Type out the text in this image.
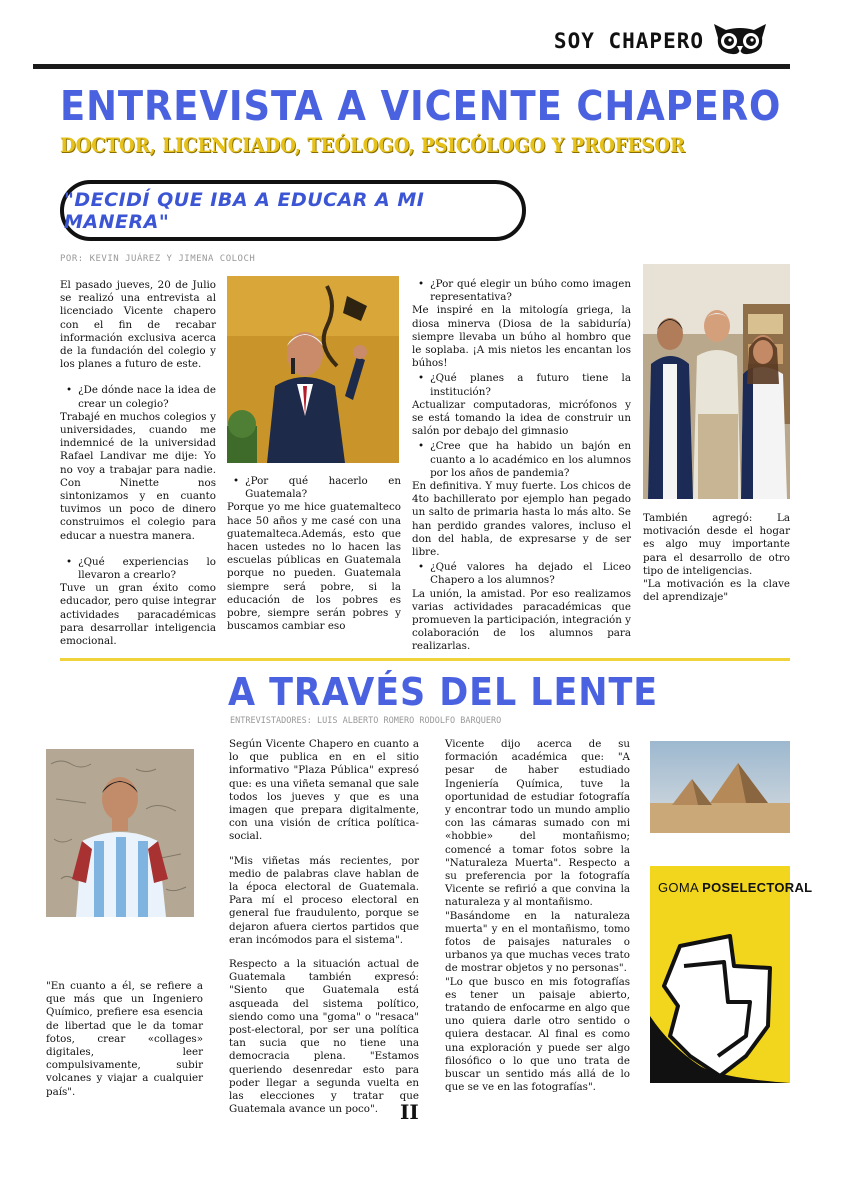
SOY CHAPERO
ENTREVISTA A VICENTE CHAPERO
DOCTOR, LICENCIADO, TEÓLOGO, PSICÓLOGO Y PROFESOR
"DECIDÍ QUE IBA A EDUCAR A MI MANERA"
POR: KEVIN JUÁREZ Y JIMENA COLOCH

El pasado jueves, 20 de Julio se realizó una entrevista al licenciado Vicente chapero con el fin de recabar información exclusiva acerca de la fundación del colegio y los planes a futuro de este.

• ¿De dónde nace la idea de crear un colegio?

Trabajé en muchos colegios y universidades, cuando me indemnicé de la universidad Rafael Landivar me dije: Yo no voy a trabajar para nadie. Con Ninette nos sintonizamos y en cuanto tuvimos un poco de dinero construimos el colegio para educar a nuestra manera.

• ¿Qué experiencias lo llevaron a crearlo?

Tuve un gran éxito como educador, pero quise integrar actividades paracadémicas para desarrollar inteligencia emocional.

• ¿Por qué hacerlo en Guatemala?

Porque yo me hice guatemalteco hace 50 años y me casé con una guatemalteca.Además, esto que hacen ustedes no lo hacen las escuelas públicas en Guatemala porque no pueden. Guatemala siempre será pobre, si la educación de los pobres es pobre, siempre serán pobres y buscamos cambiar eso

• ¿Por qué elegir un búho como imagen representativa?

Me inspiré en la mitología griega, la diosa minerva (Diosa de la sabiduría) siempre llevaba un búho al hombro que le soplaba. ¡A mis nietos les encantan los búhos!

• ¿Qué planes a futuro tiene la institución?

Actualizar computadoras, micrófonos y se está tomando la idea de construir un salón por debajo del gimnasio

• ¿Cree que ha habido un bajón en cuanto a lo académico en los alumnos por los años de pandemia?

En definitiva. Y muy fuerte. Los chicos de 4to bachillerato por ejemplo han pegado un salto de primaria hasta lo más alto. Se han perdido grandes valores, incluso el don del habla, de expresarse y de ser libre.

• ¿Qué valores ha dejado el Liceo Chapero a los alumnos?

La unión, la amistad. Por eso realizamos varias actividades paracadémicas que promueven la participación, integración y colaboración de los alumnos para realizarlas.

También agregó: La motivación desde el hogar es algo muy importante para el desarrollo de otro tipo de inteligencias.

"La motivación es la clave del aprendizaje"

A TRAVÉS DEL LENTE
ENTREVISTADORES: LUIS ALBERTO ROMERO RODOLFO BARQUERO

"En cuanto a él, se refiere a que más que un Ingeniero Químico, prefiere esa esencia de libertad que le da tomar fotos, crear «collages» digitales, leer compulsivamente, subir volcanes y viajar a cualquier país".

Según Vicente Chapero en cuanto a lo que publica en en el sitio informativo "Plaza Pública" expresó que: es una viñeta semanal que sale todos los jueves y que es una imagen que prepara digitalmente, con una visión de crítica política-social.

"Mis viñetas más recientes, por medio de palabras clave hablan de la época electoral de Guatemala. Para mí el proceso electoral en general fue fraudulento, porque se dejaron afuera ciertos partidos que eran incómodos para el sistema".

Respecto a la situación actual de Guatemala también expresó: "Siento que Guatemala está asqueada del sistema político, siendo como una "goma" o "resaca" post-electoral, por ser una política tan sucia que no tiene una democracia plena. "Estamos queriendo desenredar esto para poder llegar a segunda vuelta en las elecciones y tratar que Guatemala avance un poco".

Vicente dijo acerca de su formación académica que: "A pesar de haber estudiado Ingeniería Química, tuve la oportunidad de estudiar fotografía y encontrar todo un mundo amplio con las cámaras sumado con mi «hobbie» del montañismo; comencé a tomar fotos sobre la "Naturaleza Muerta". Respecto a su preferencia por la fotografía Vicente se refirió a que convina la naturaleza y al montañismo.

"Basándome en la naturaleza muerta" y en el montañismo, tomo fotos de paisajes naturales o urbanos ya que muchas veces trato de mostrar objetos y no personas".

"Lo que busco en mis fotografías es tener un paisaje abierto, tratando de enfocarme en algo que uno quiera darle otro sentido o quiera destacar. Al final es como una exploración y puede ser algo filosófico o lo que uno trata de buscar un sentido más allá de lo que se ve en las fotografías".

GOMA POSELECTORAL
II
